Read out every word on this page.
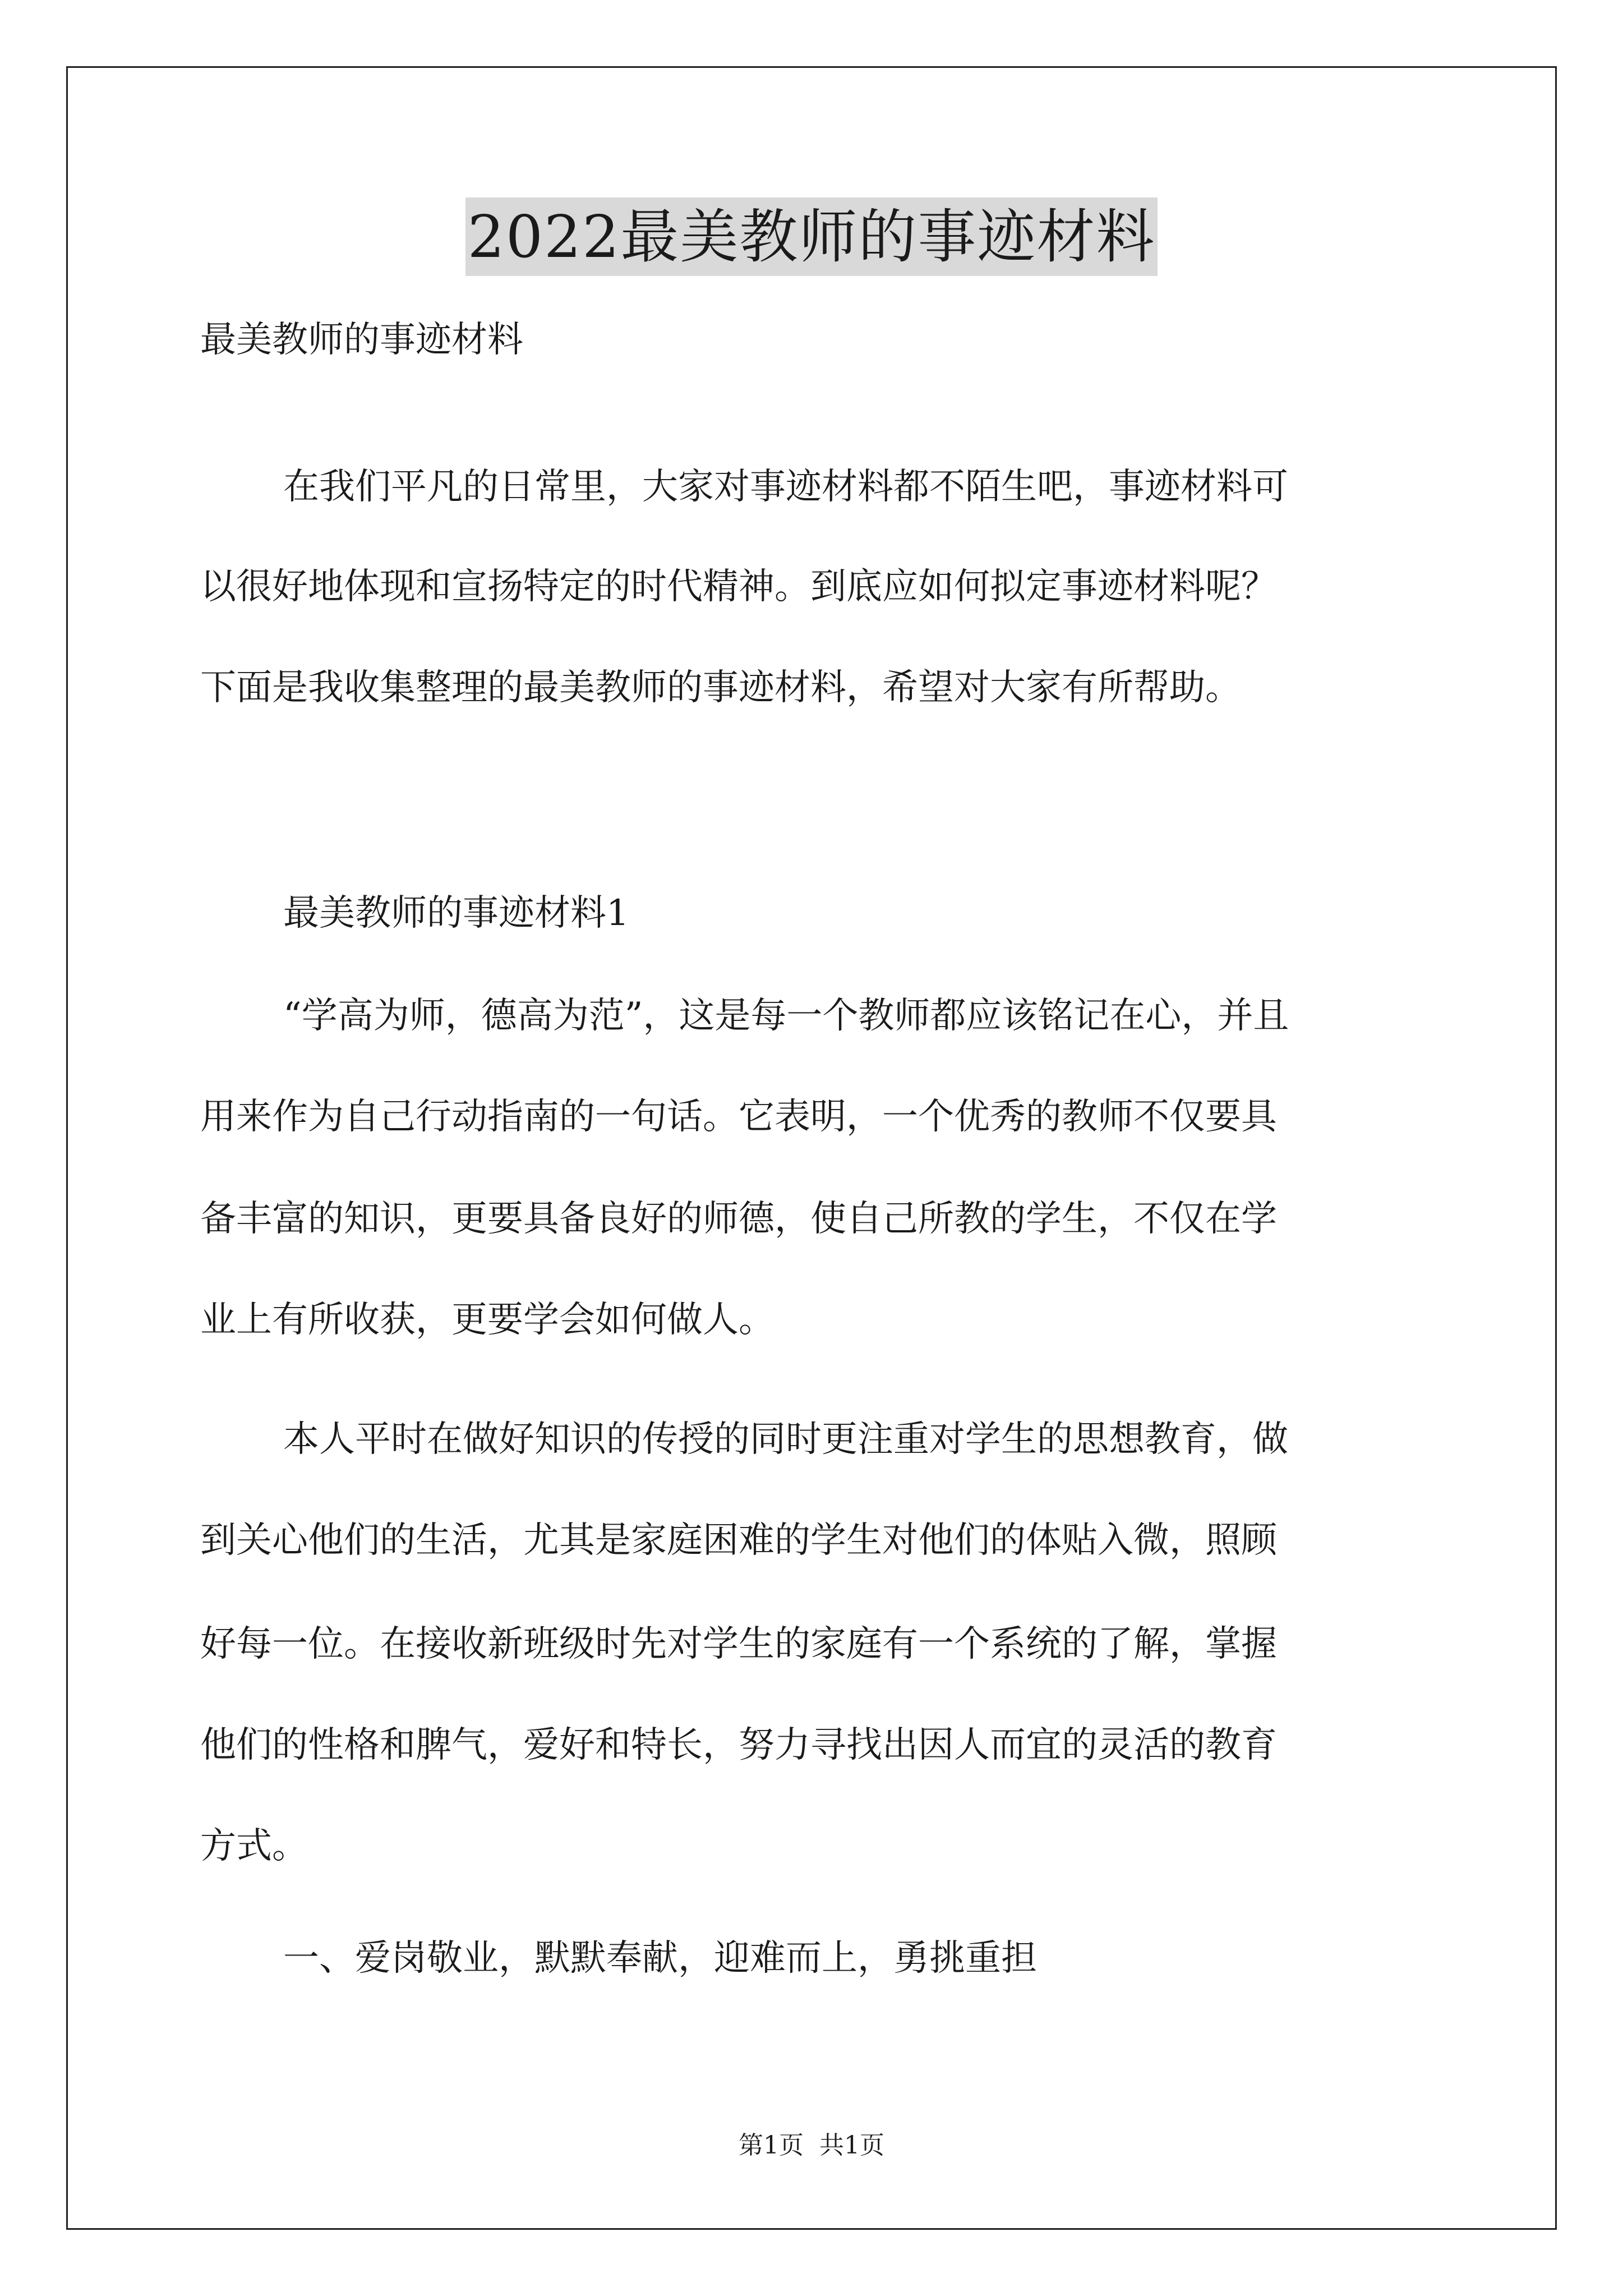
2022最美教师的事迹材料

最美教师的事迹材料

在我们平凡的日常里，大家对事迹材料都不陌生吧，事迹材料可

以很好地体现和宣扬特定的时代精神。到底应如何拟定事迹材料呢？

下面是我收集整理的最美教师的事迹材料，希望对大家有所帮助。

最美教师的事迹材料1

“学高为师，德高为范”，这是每一个教师都应该铭记在心，并且

用来作为自己行动指南的一句话。它表明，一个优秀的教师不仅要具

备丰富的知识，更要具备良好的师德，使自己所教的学生，不仅在学

业上有所收获，更要学会如何做人。

本人平时在做好知识的传授的同时更注重对学生的思想教育，做

到关心他们的生活，尤其是家庭困难的学生对他们的体贴入微，照顾

好每一位。在接收新班级时先对学生的家庭有一个系统的了解，掌握

他们的性格和脾气，爱好和特长，努力寻找出因人而宜的灵活的教育

方式。

一、爱岗敬业，默默奉献，迎难而上，勇挑重担

第1页 共1页
